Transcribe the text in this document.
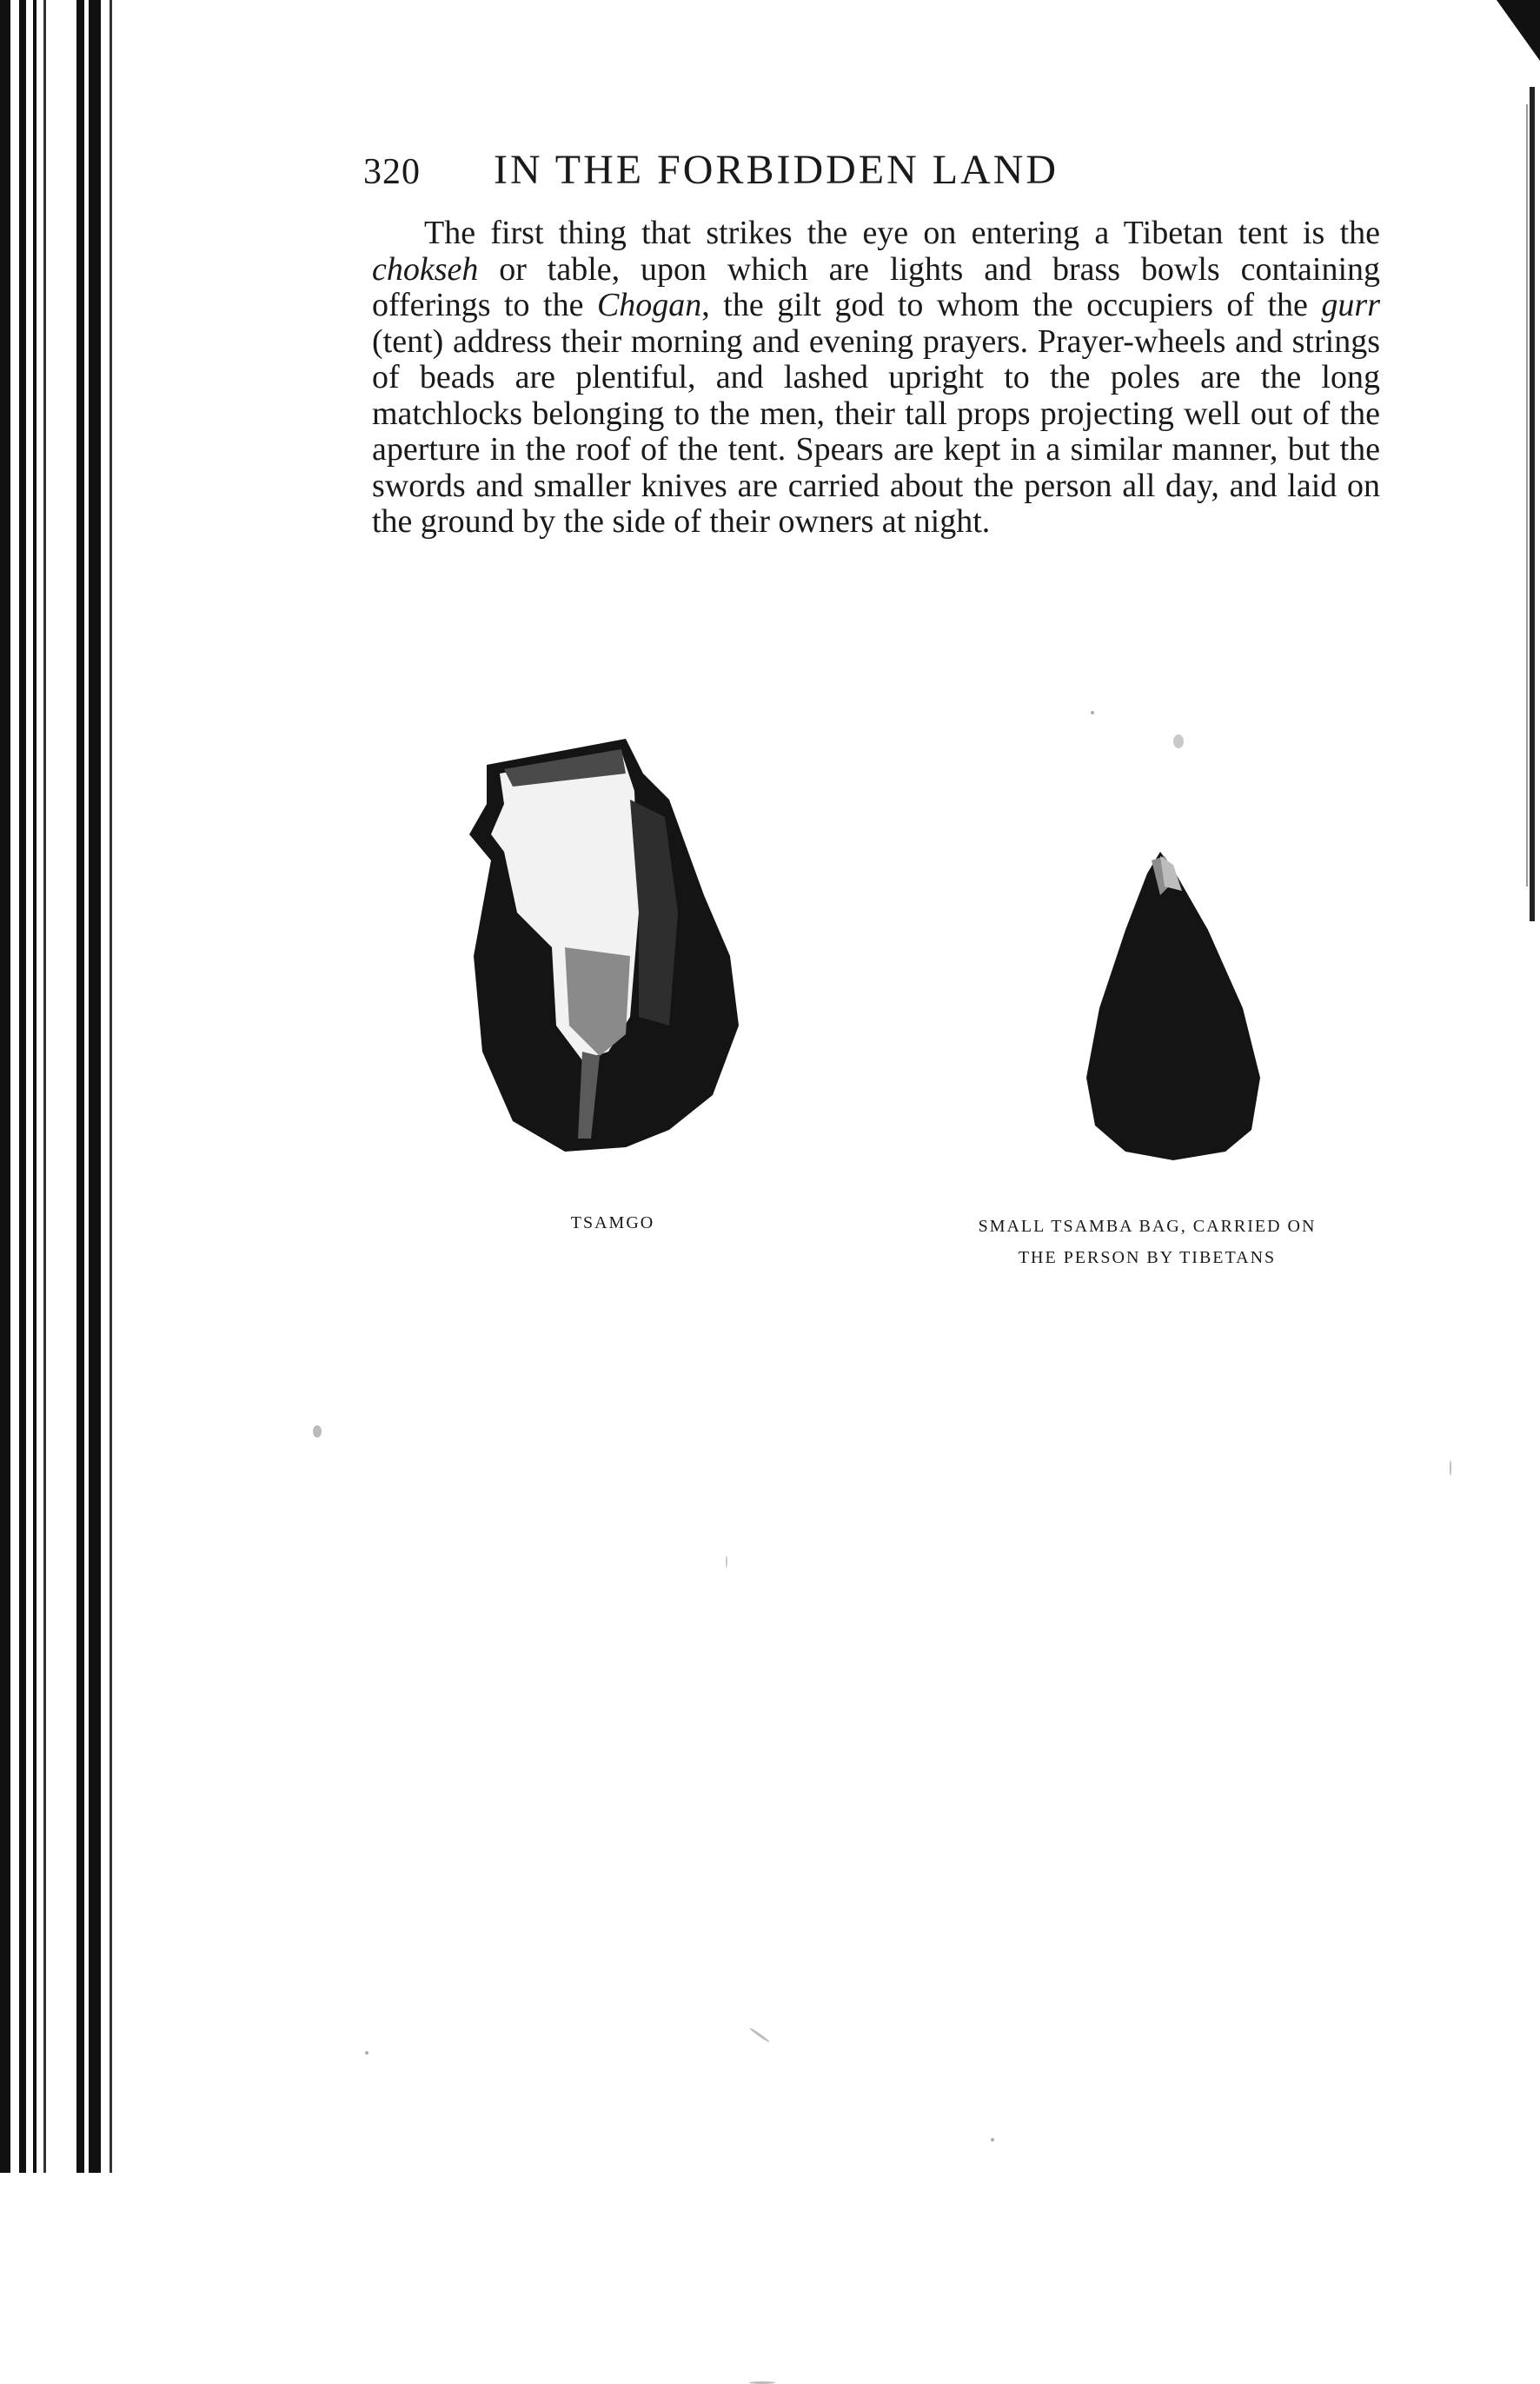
320	IN THE FORBIDDEN LAND

The first thing that strikes the eye on entering a Tibetan tent is the chokseh or table, upon which are lights and brass bowls containing offerings to the Chogan, the gilt god to whom the occupiers of the gurr (tent) address their morning and evening prayers. Prayer-wheels and strings of beads are plentiful, and lashed upright to the poles are the long matchlocks belonging to the men, their tall props projecting well out of the aperture in the roof of the tent. Spears are kept in a similar manner, but the swords and smaller knives are carried about the person all day, and laid on the ground by the side of their owners at night.

TSAMGO	SMALL TSAMBA BAG, CARRIED ON
THE PERSON BY TIBETANS
